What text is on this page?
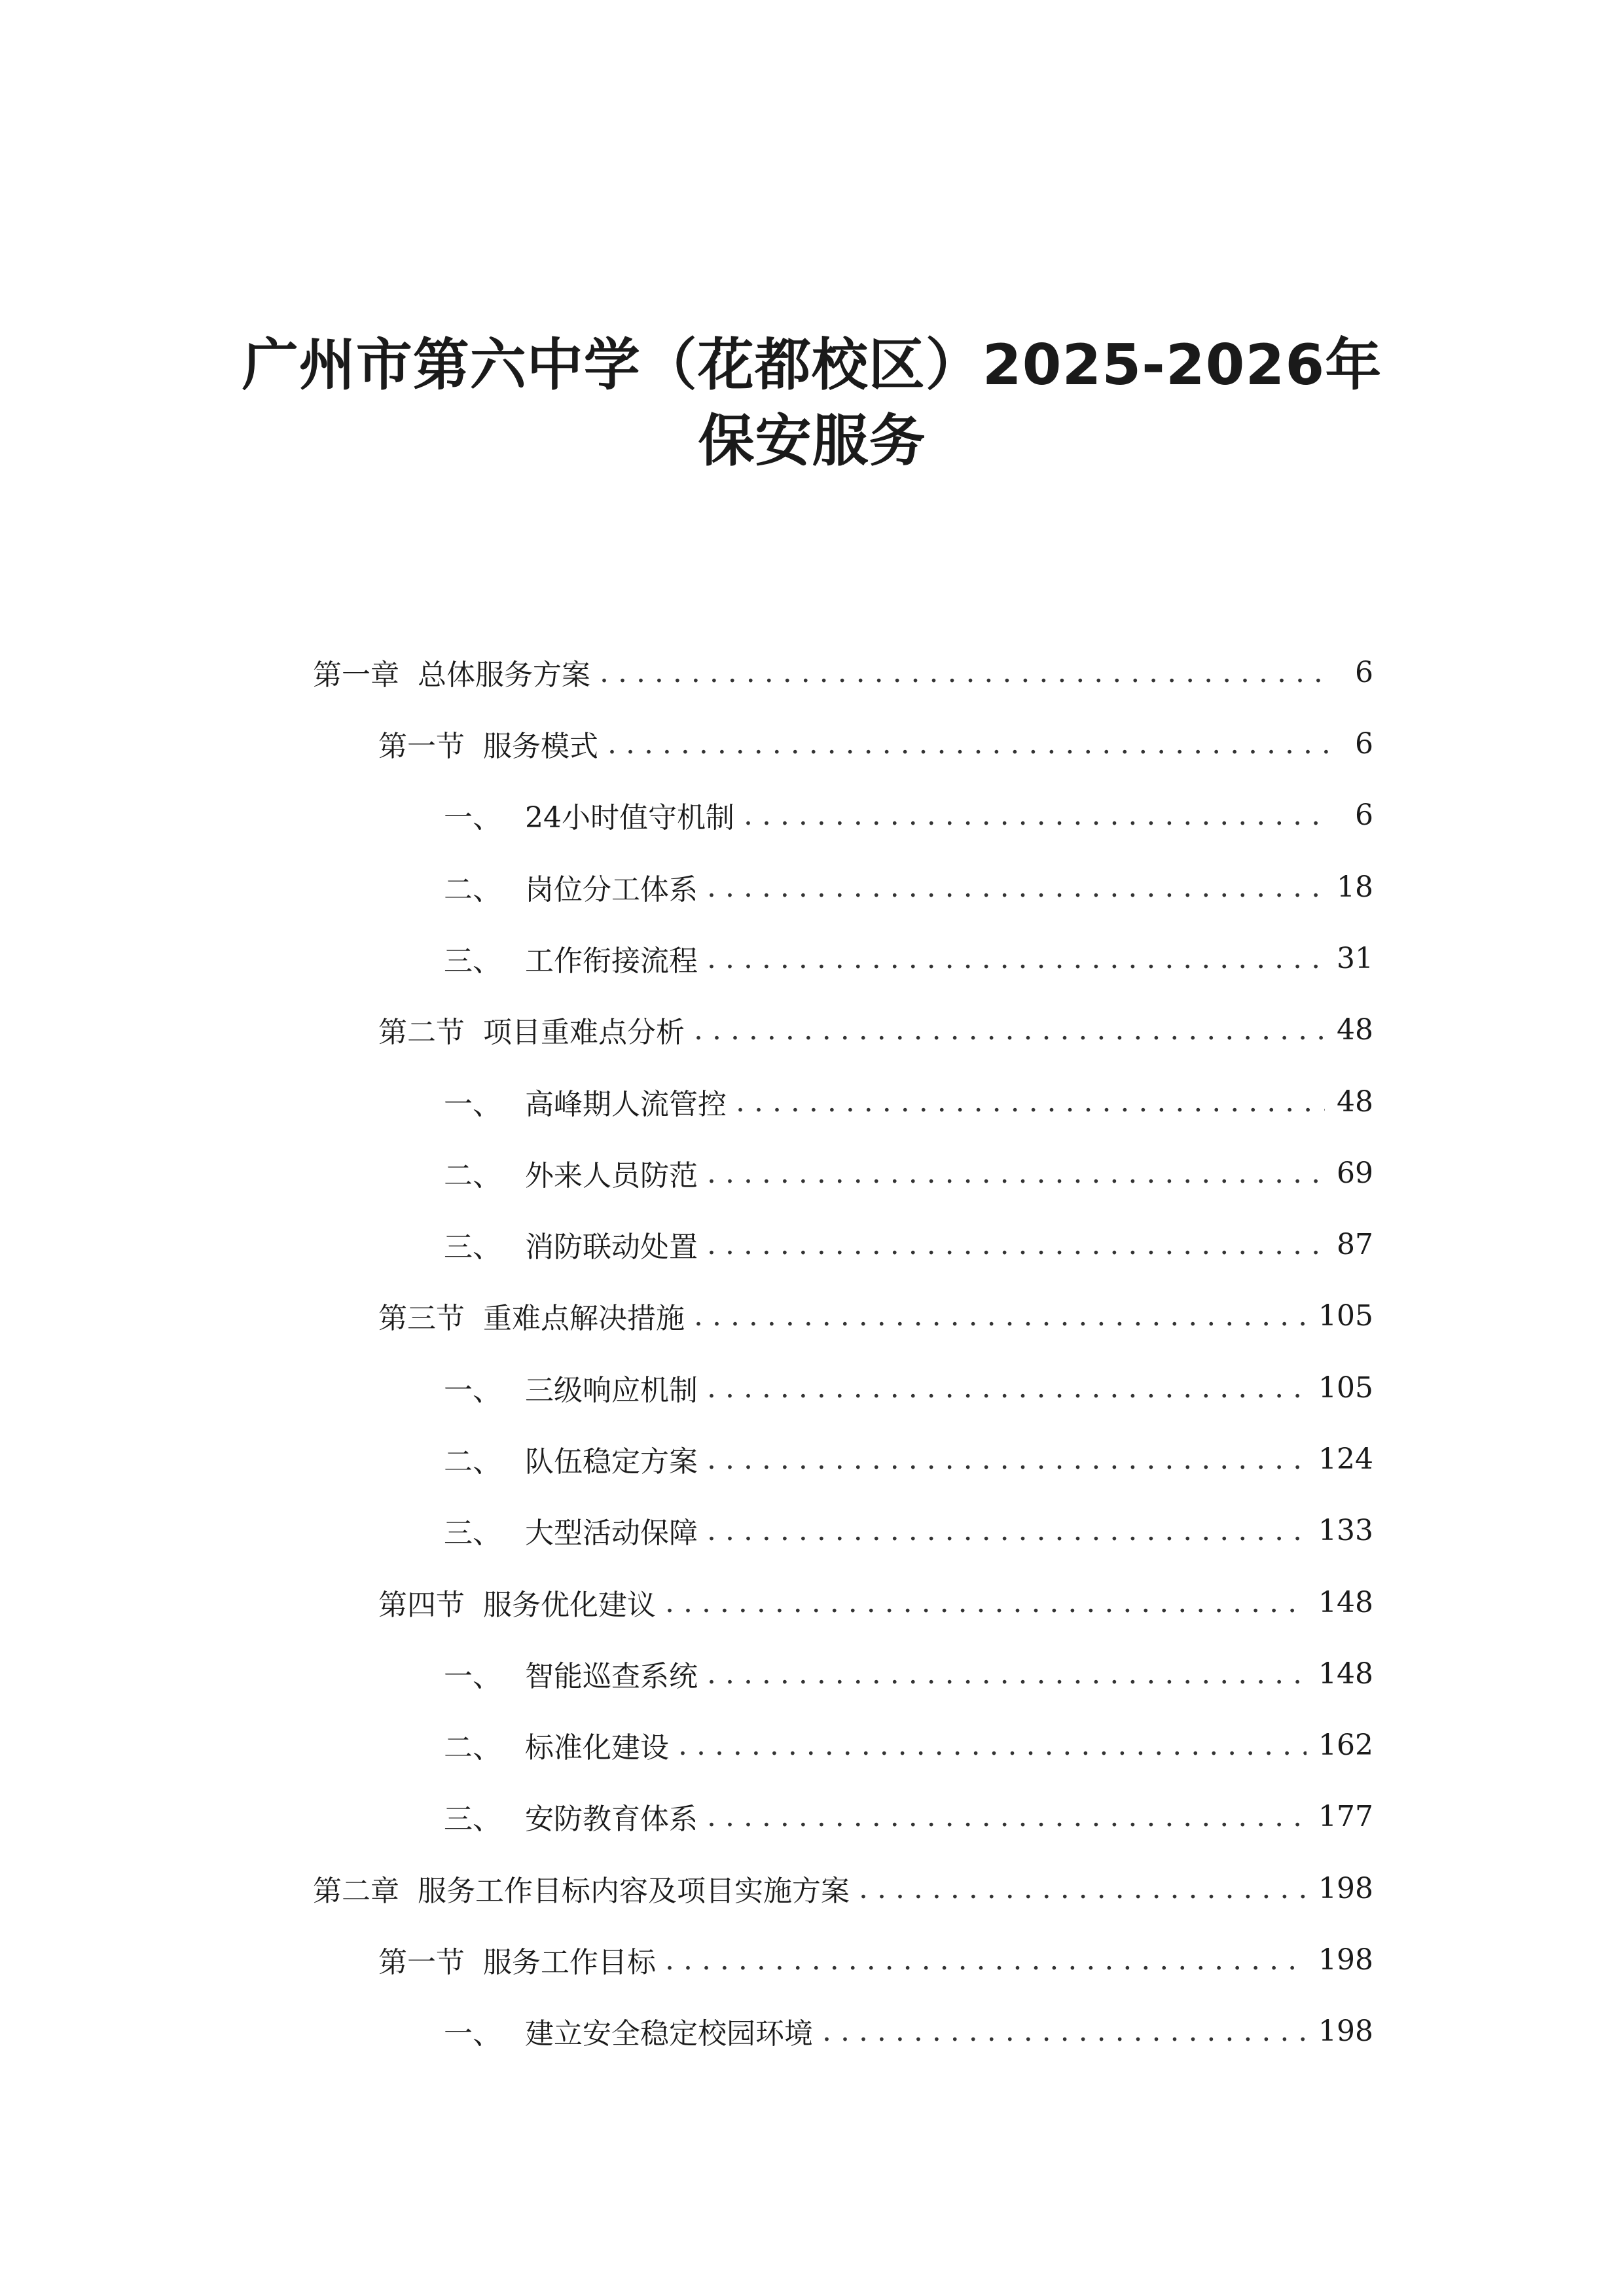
广州市第六中学（花都校区）2025-2026年
保安服务
第一章 总体服务方案 . . .	6
第一节 服务模式 . . .	6
一、 24小时值守机制 . . .	6
二、 岗位分工体系 . . .	18
三、 工作衔接流程 . . .	31
第二节 项目重难点分析 . . .	48
一、 高峰期人流管控 . . .	48
二、 外来人员防范 . . .	69
三、 消防联动处置 . . .	87
第三节 重难点解决措施 . . .	105
一、 三级响应机制 . . .	105
二、 队伍稳定方案 . . .	124
三、 大型活动保障 . . .	133
第四节 服务优化建议 . . .	148
一、 智能巡查系统 . . .	148
二、 标准化建设 . . .	162
三、 安防教育体系 . . .	177
第二章 服务工作目标内容及项目实施方案 . . .	198
第一节 服务工作目标 . . .	198
一、 建立安全稳定校园环境 . . .	198
